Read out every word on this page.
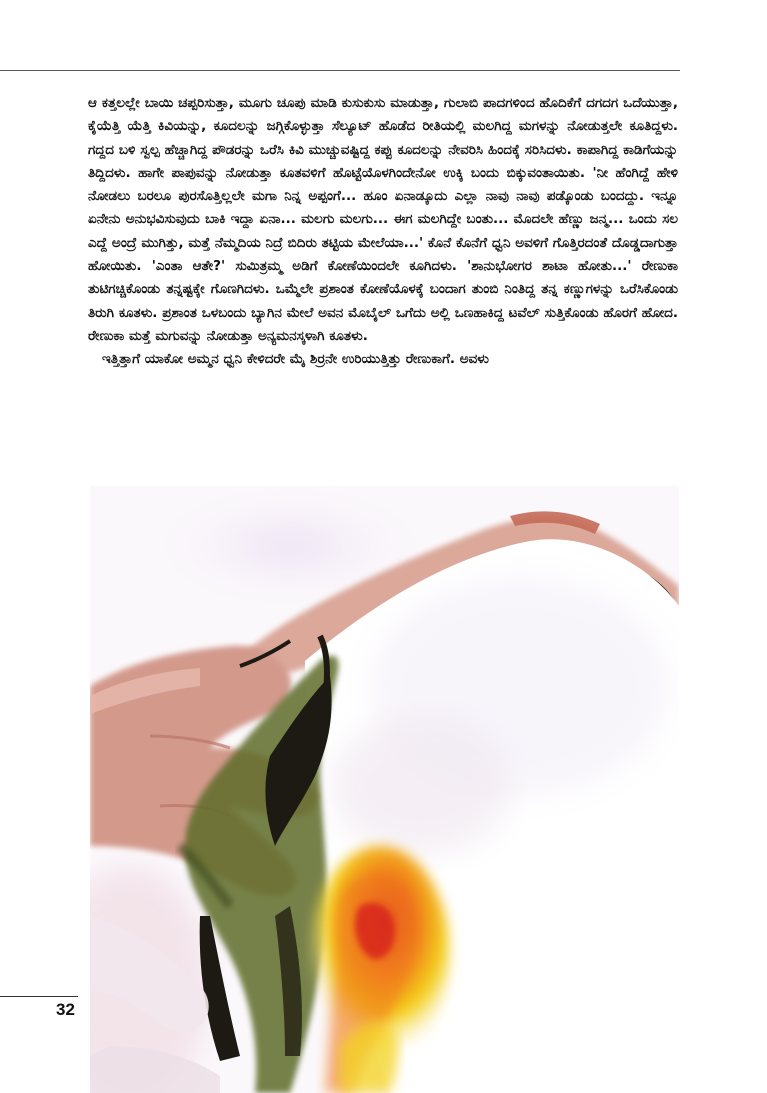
ಆ ಕತ್ತಲಲ್ಲೇ ಬಾಯಿ ಚಪ್ಪರಿಸುತ್ತಾ, ಮೂಗು ಚೂಪು ಮಾಡಿ ಕುಸುಕುಸು ಮಾಡುತ್ತಾ, ಗುಲಾಬಿ ಪಾದಗಳಿಂದ ಹೊದಿಕೆಗೆ ದಗದಗ ಒದೆಯುತ್ತಾ, ಕೈಯೆತ್ತಿ ಯೆತ್ತಿ ಕಿವಿಯನ್ನು, ಕೂದಲನ್ನು ಜಗ್ಗಿಕೊಳ್ಳುತ್ತಾ ಸೆಲ್ಯೂಟ್ ಹೊಡೆದ ರೀತಿಯಲ್ಲಿ ಮಲಗಿದ್ದ ಮಗಳನ್ನು ನೋಡುತ್ತಲೇ ಕೂತಿದ್ದಳು. ಗದ್ದದ ಬಳಿ ಸ್ವಲ್ಪ ಹೆಚ್ಚಾಗಿದ್ದ ಪೌಡರನ್ನು ಒರೆಸಿ ಕಿವಿ ಮುಚ್ಚುವಷ್ಟಿದ್ದ ಕಪ್ಪು ಕೂದಲನ್ನು ನೇವರಿಸಿ ಹಿಂದಕ್ಕೆ ಸರಿಸಿದಳು. ಕಾಪಾಗಿದ್ದ ಕಾಡಿಗೆಯನ್ನು ತಿದ್ದಿದಳು. ಹಾಗೇ ಪಾಪುವನ್ನು ನೋಡುತ್ತಾ ಕೂತವಳಿಗೆ ಹೊಟ್ಟೆಯೊಳಗಿಂದೇನೋ ಉಕ್ಕಿ ಬಂದು ಬಿಕ್ಕುವಂತಾಯಿತು. 'ನೀ ಹೆಂಗಿದ್ದೆ ಹೇಳಿ ನೋಡಲು ಬರಲೂ ಪುರಸೊತ್ತಿಲ್ಲಲೇ ಮಗಾ ನಿನ್ನ ಅಪ್ಪಂಗೆ... ಹೂಂ ಏನಾಡ್ಕೂದು ಎಲ್ಲಾ ನಾವು ನಾವು ಪಡ್ಕೊಂಡು ಬಂದದ್ದು. ಇನ್ನೂ ಏನೇನು ಅನುಭವಿಸುವುದು ಬಾಕಿ ಇದ್ದಾ ಏನಾ... ಮಲಗು ಮಲಗು... ಈಗ ಮಲಗಿದ್ದೇ ಬಂತು... ಮೊದಲೇ ಹೆಣ್ಣು ಜನ್ಮ... ಒಂದು ಸಲ ಎದ್ದೆ ಅಂದ್ರೆ ಮುಗಿತ್ತು, ಮತ್ತೆ ನೆಮ್ಮದಿಯ ನಿದ್ರೆ ಬಿದಿರು ತಟ್ಟಿಯ ಮೇಲೆಯಾ...' ಕೊನೆ ಕೊನೆಗೆ ಧ್ವನಿ ಅವಳಿಗೆ ಗೊತ್ತಿರದಂತೆ ದೊಡ್ಡದಾಗುತ್ತಾ ಹೋಯಿತು. 'ಎಂತಾ ಆತೇ?' ಸುಮಿತ್ರಮ್ಮ ಅಡಿಗೆ ಕೋಣೆಯಿಂದಲೇ ಕೂಗಿದಳು. 'ಶಾನುಭೋಗರ ಶಾಟಾ ಹೋತು...' ರೇಣುಕಾ ತುಟಿಗಚ್ಚಿಕೊಂಡು ತನ್ನಷ್ಟಕ್ಕೇ ಗೊಣಗಿದಳು. ಒಮ್ಮೆಲೇ ಪ್ರಶಾಂತ ಕೋಣೆಯೊಳಕ್ಕೆ ಬಂದಾಗ ತುಂಬಿ ನಿಂತಿದ್ದ ತನ್ನ ಕಣ್ಣುಗಳನ್ನು ಒರೆಸಿಕೊಂಡು ತಿರುಗಿ ಕೂತಳು. ಪ್ರಶಾಂತ ಒಳಬಂದು ಬ್ಯಾಗಿನ ಮೇಲೆ ಅವನ ಮೊಬೈಲ್ ಒಗೆದು ಅಲ್ಲಿ ಒಣಹಾಕಿದ್ದ ಟವೆಲ್ ಸುತ್ತಿಕೊಂಡು ಹೊರಗೆ ಹೋದ. ರೇಣುಕಾ ಮತ್ತೆ ಮಗುವನ್ನು ನೋಡುತ್ತಾ ಅನ್ಯಮನಸ್ಕಳಾಗಿ ಕೂತಳು.

ಇತ್ತಿತ್ತಾಗೆ ಯಾಕೋ ಅಮ್ಮನ ಧ್ವನಿ ಕೇಳಿದರೇ ಮೈ ಶಿರ್ರನೇ ಉರಿಯುತ್ತಿತ್ತು ರೇಣುಕಾಗೆ. ಅವಳು

32
